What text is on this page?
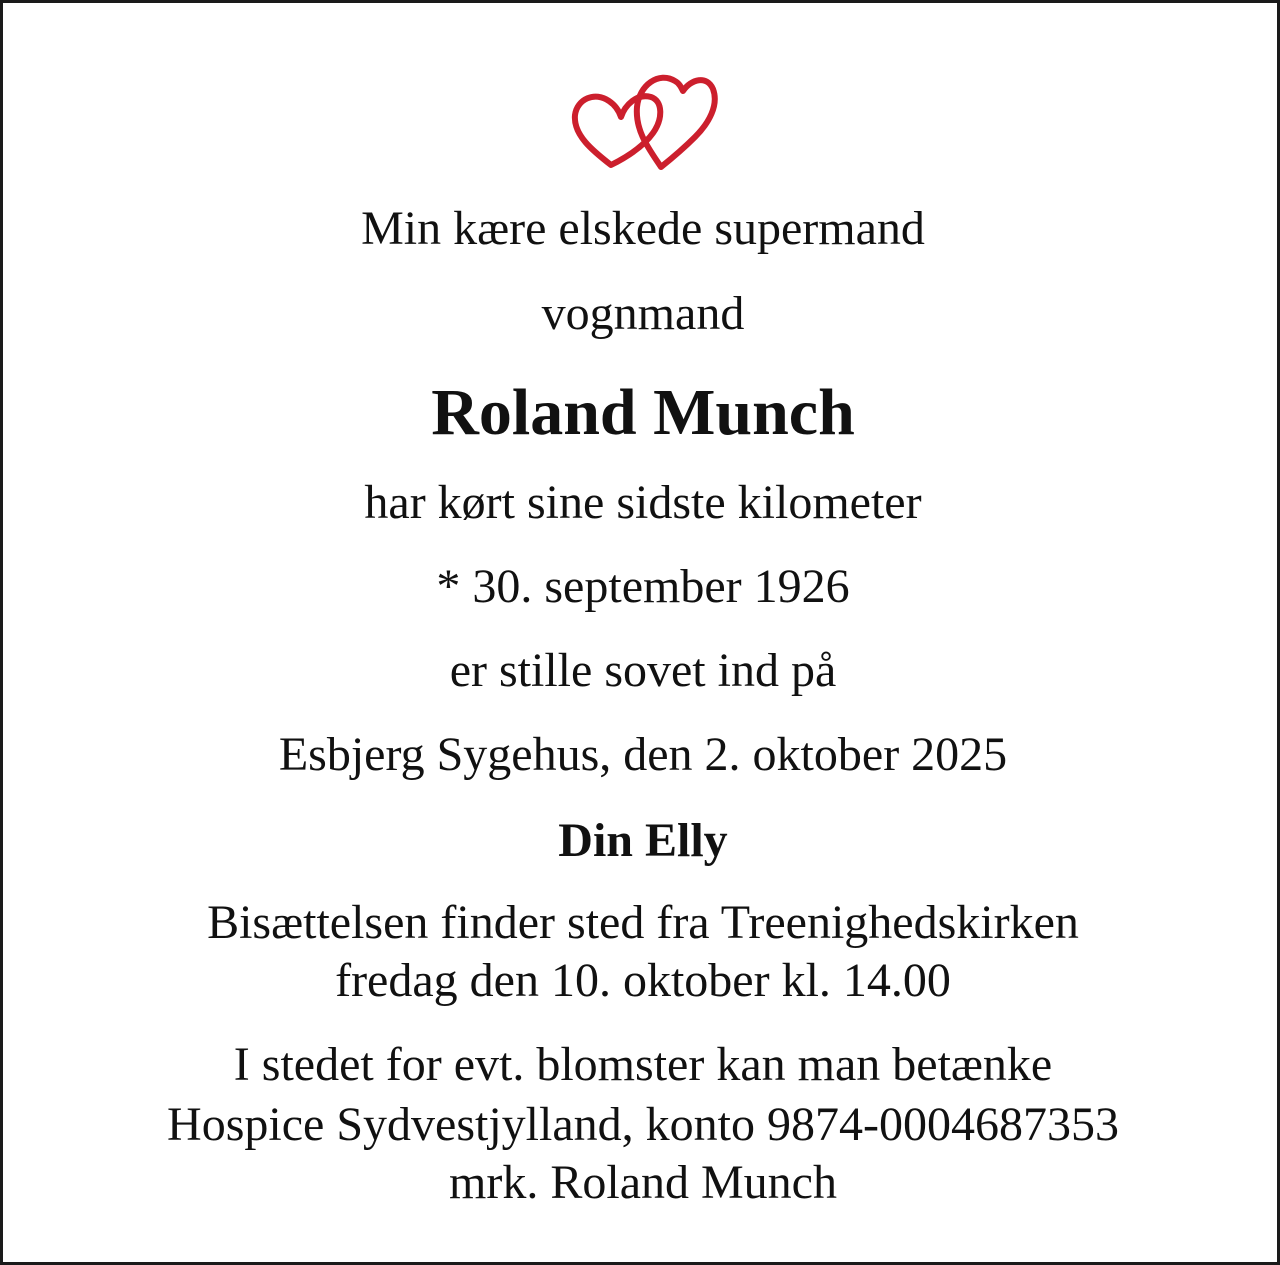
Min kære elskede supermand

vognmand

Roland Munch

har kørt sine sidste kilometer

* 30. september 1926

er stille sovet ind på

Esbjerg Sygehus, den 2. oktober 2025

Din Elly

Bisættelsen finder sted fra Treenighedskirken

fredag den 10. oktober kl. 14.00

I stedet for evt. blomster kan man betænke

Hospice Sydvestjylland, konto 9874-0004687353

mrk. Roland Munch
